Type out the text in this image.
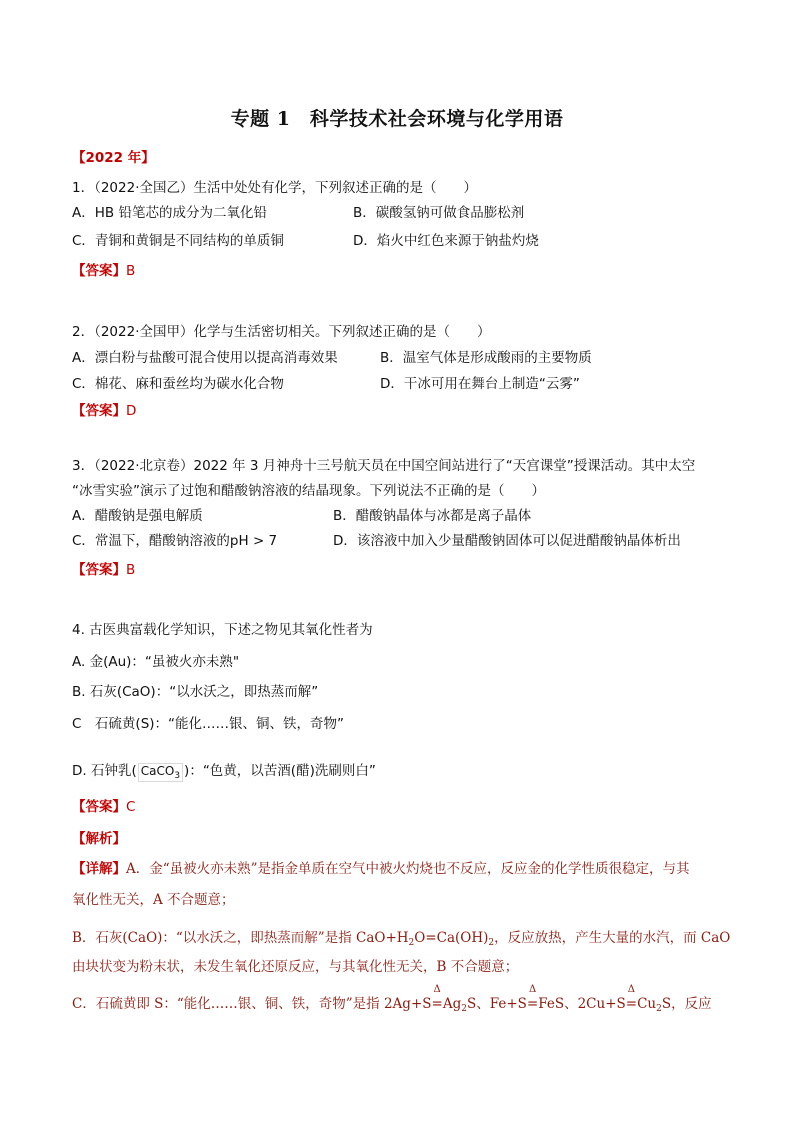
专题 1　科学技术社会环境与化学用语
【2022 年】
1．（2022·全国乙）生活中处处有化学，下列叙述正确的是（　　）
A．HB 铅笔芯的成分为二氧化铅	B．碳酸氢钠可做食品膨松剂
C．青铜和黄铜是不同结构的单质铜	D．焰火中红色来源于钠盐灼烧
【答案】B
2．（2022·全国甲）化学与生活密切相关。下列叙述正确的是（　　）
A．漂白粉与盐酸可混合使用以提高消毒效果	B．温室气体是形成酸雨的主要物质
C．棉花、麻和蚕丝均为碳水化合物	D．干冰可用在舞台上制造“云雾”
【答案】D
3．（2022·北京卷）2022 年 3 月神舟十三号航天员在中国空间站进行了“天宫课堂”授课活动。其中太空
“冰雪实验”演示了过饱和醋酸钠溶液的结晶现象。下列说法不正确的是（　　）
A．醋酸钠是强电解质	B．醋酸钠晶体与冰都是离子晶体
C．常温下，醋酸钠溶液的pH > 7	D．该溶液中加入少量醋酸钠固体可以促进醋酸钠晶体析出
【答案】B
4. 古医典富载化学知识，下述之物见其氧化性者为
A. 金(Au)：“虽被火亦未熟"
B. 石灰(CaO)：“以水沃之，即热蒸而解”
C　石硫黄(S)：“能化……银、铜、铁，奇物”
D. 石钟乳( CaCO$_3$ )：“色黄，以苦酒(醋)洗刷则白”
【答案】C
【解析】
【详解】A．金“虽被火亦未熟”是指金单质在空气中被火灼烧也不反应，反应金的化学性质很稳定，与其
氧化性无关，A 不合题意；
B．石灰(CaO)：“以水沃之，即热蒸而解”是指 $CaO+H_2O=Ca(OH)_2$，反应放热，产生大量的水汽，而 CaO
由块状变为粉末状，未发生氧化还原反应，与其氧化性无关，B 不合题意；
C．石硫黄即 S：“能化……银、铜、铁，奇物”是指 $2Ag+S\Delta =Ag_2S$、Fe+SΔ =FeS、$2Cu+S\Delta =Cu_2S$，反应
